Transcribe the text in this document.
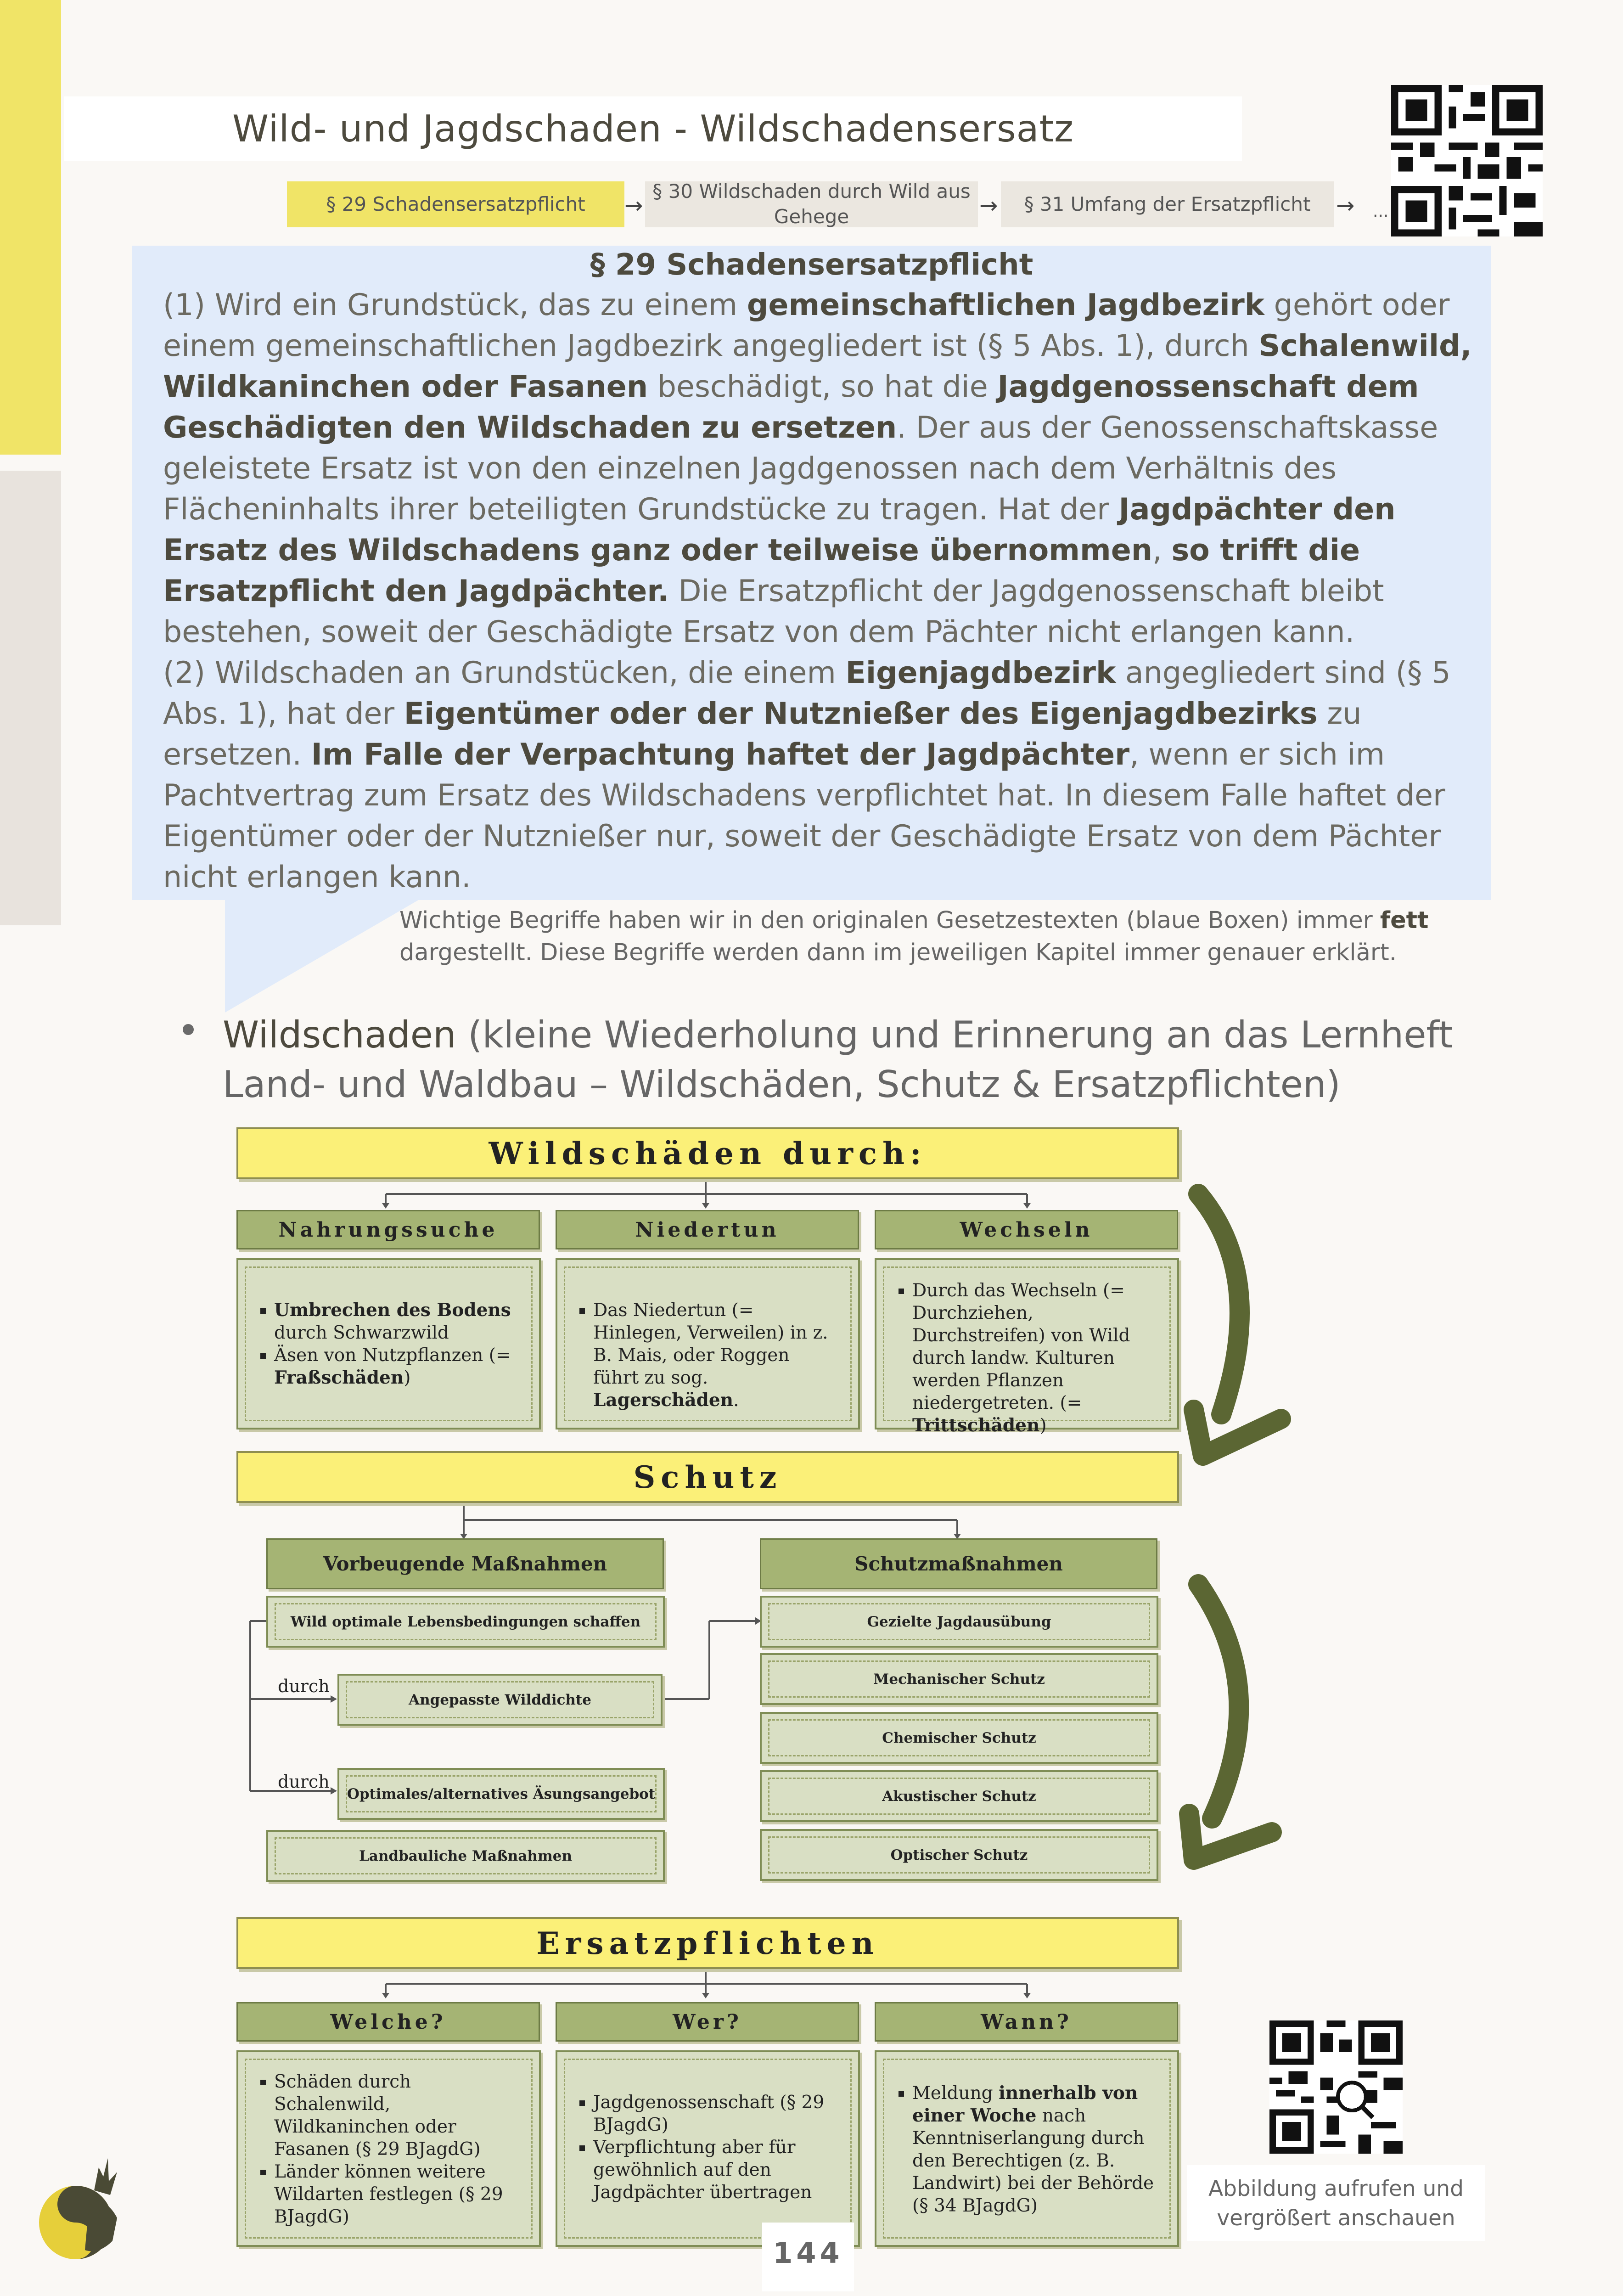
Wild- und Jagdschaden - Wildschadensersatz
§ 29 Schadensersatzpflicht →
§ 30 Wildschaden durch Wild aus Gehege	→ § 31 Umfang der Ersatzpflicht → ...
§ 29 Schadensersatzpflicht
(1) Wird ein Grundstück, das zu einem gemeinschaftlichen Jagdbezirk gehört oder einem gemeinschaftlichen Jagdbezirk angegliedert ist (§ 5 Abs. 1), durch Schalenwild, Wildkaninchen oder Fasanen beschädigt, so hat die Jagdgenossenschaft dem Geschädigten den Wildschaden zu ersetzen. Der aus der Genossenschaftskasse geleistete Ersatz ist von den einzelnen Jagdgenossen nach dem Verhältnis des Flächeninhalts ihrer beteiligten Grundstücke zu tragen. Hat der Jagdpächter den Ersatz des Wildschadens ganz oder teilweise übernommen, so trifft die Ersatzpflicht den Jagdpächter. Die Ersatzpflicht der Jagdgenossenschaft bleibt bestehen, soweit der Geschädigte Ersatz von dem Pächter nicht erlangen kann.
(2) Wildschaden an Grundstücken, die einem Eigenjagdbezirk angegliedert sind (§ 5 Abs. 1), hat der Eigentümer oder der Nutznießer des Eigenjagdbezirks zu ersetzen. Im Falle der Verpachtung haftet der Jagdpächter, wenn er sich im Pachtvertrag zum Ersatz des Wildschadens verpflichtet hat. In diesem Falle haftet der Eigentümer oder der Nutznießer nur, soweit der Geschädigte Ersatz von dem Pächter nicht erlangen kann.
Wichtige Begriffe haben wir in den originalen Gesetzestexten (blaue Boxen) immer fett dargestellt. Diese Begriffe werden dann im jeweiligen Kapitel immer genauer erklärt.
Wildschaden (kleine Wiederholung und Erinnerung an das Lernheft Land- und Waldbau – Wildschäden, Schutz & Ersatzpflichten)
Wildschäden durch:
Nahrungssuche	Niedertun	Wechseln
▪ Umbrechen des Bodens durch Schwarzwild
▪ Äsen von Nutzpflanzen (= Fraßschäden)
▪ Das Niedertun (= Hinlegen, Verweilen) in z. B. Mais, oder Roggen führt zu sog. Lagerschäden.
▪ Durch das Wechseln (= Durchziehen, Durchstreifen) von Wild durch landw. Kulturen werden Pflanzen niedergetreten. (= Trittschäden)
Schutz
Vorbeugende Maßnahmen	Schutzmaßnahmen
Wild optimale Lebensbedingungen schaffen
Angepasste Wilddichte
Optimales/alternatives Äsungsangebot
Landbauliche Maßnahmen
durch
durch
Gezielte Jagdausübung
Mechanischer Schutz
Chemischer Schutz
Akustischer Schutz
Optischer Schutz
Ersatzpflichten
Welche?	Wer?	Wann?
▪ Schäden durch Schalenwild, Wildkaninchen oder Fasanen (§ 29 BJagdG)
▪ Länder können weitere Wildarten festlegen (§ 29 BJagdG)
▪ Jagdgenossenschaft (§ 29 BJagdG)
▪ Verpflichtung aber für gewöhnlich auf den Jagdpächter übertragen
▪ Meldung innerhalb von einer Woche nach Kenntniserlangung durch den Berechtigen (z. B. Landwirt) bei der Behörde (§ 34 BJagdG)
Abbildung aufrufen und vergrößert anschauen
144
